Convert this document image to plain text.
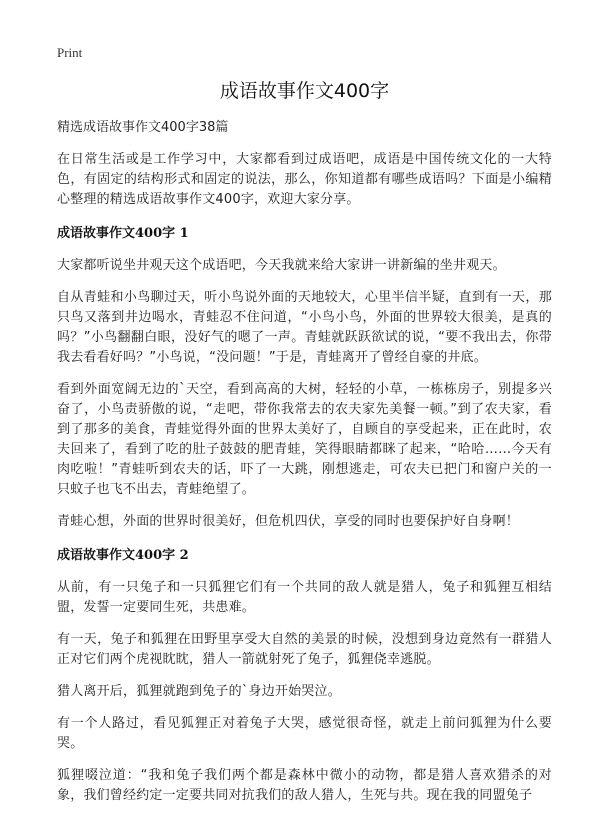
Print
成语故事作文400字
精选成语故事作文400字38篇

在日常生活或是工作学习中，大家都看到过成语吧，成语是中国传统文化的一大特色，有固定的结构形式和固定的说法，那么，你知道都有哪些成语吗？下面是小编精心整理的精选成语故事作文400字，欢迎大家分享。

成语故事作文400字 1

大家都听说坐井观天这个成语吧，今天我就来给大家讲一讲新编的坐井观天。

自从青蛙和小鸟聊过天，听小鸟说外面的天地较大，心里半信半疑，直到有一天，那只鸟又落到井边喝水，青蛙忍不住问道，“小鸟小鸟，外面的世界较大很美，是真的吗？”小鸟翻翻白眼，没好气的嗯了一声。青蛙就跃跃欲试的说，“要不我出去，你带我去看看好吗？”小鸟说，“没问题！”于是，青蛙离开了曾经自豪的井底。

看到外面宽阔无边的`天空，看到高高的大树，轻轻的小草，一栋栋房子，别提多兴奋了，小鸟责骄傲的说，“走吧，带你我常去的农夫家先美餐一顿。”到了农夫家，看到了那多的美食，青蛙觉得外面的世界太美好了，自顾自的享受起来，正在此时，农夫回来了，看到了吃的肚子鼓鼓的肥青蛙，笑得眼睛都眯了起来，“哈哈……今天有肉吃啦！”青蛙听到农夫的话，吓了一大跳，刚想逃走，可农夫已把门和窗户关的一只蚊子也飞不出去，青蛙绝望了。

青蛙心想，外面的世界时很美好，但危机四伏，享受的同时也要保护好自身啊！

成语故事作文400字 2

从前，有一只兔子和一只狐狸它们有一个共同的敌人就是猎人，兔子和狐狸互相结盟，发誓一定要同生死，共患难。

有一天，兔子和狐狸在田野里享受大自然的美景的时候，没想到身边竟然有一群猎人正对它们两个虎视眈眈，猎人一箭就射死了兔子，狐狸侥幸逃脱。

猎人离开后，狐狸就跑到兔子的`身边开始哭泣。

有一个人路过，看见狐狸正对着兔子大哭，感觉很奇怪，就走上前问狐狸为什么要哭。

狐狸啜泣道：“我和兔子我们两个都是森林中微小的动物，都是猎人喜欢猎杀的对象，我们曾经约定一定要共同对抗我们的敌人猎人，生死与共。现在我的同盟兔子
